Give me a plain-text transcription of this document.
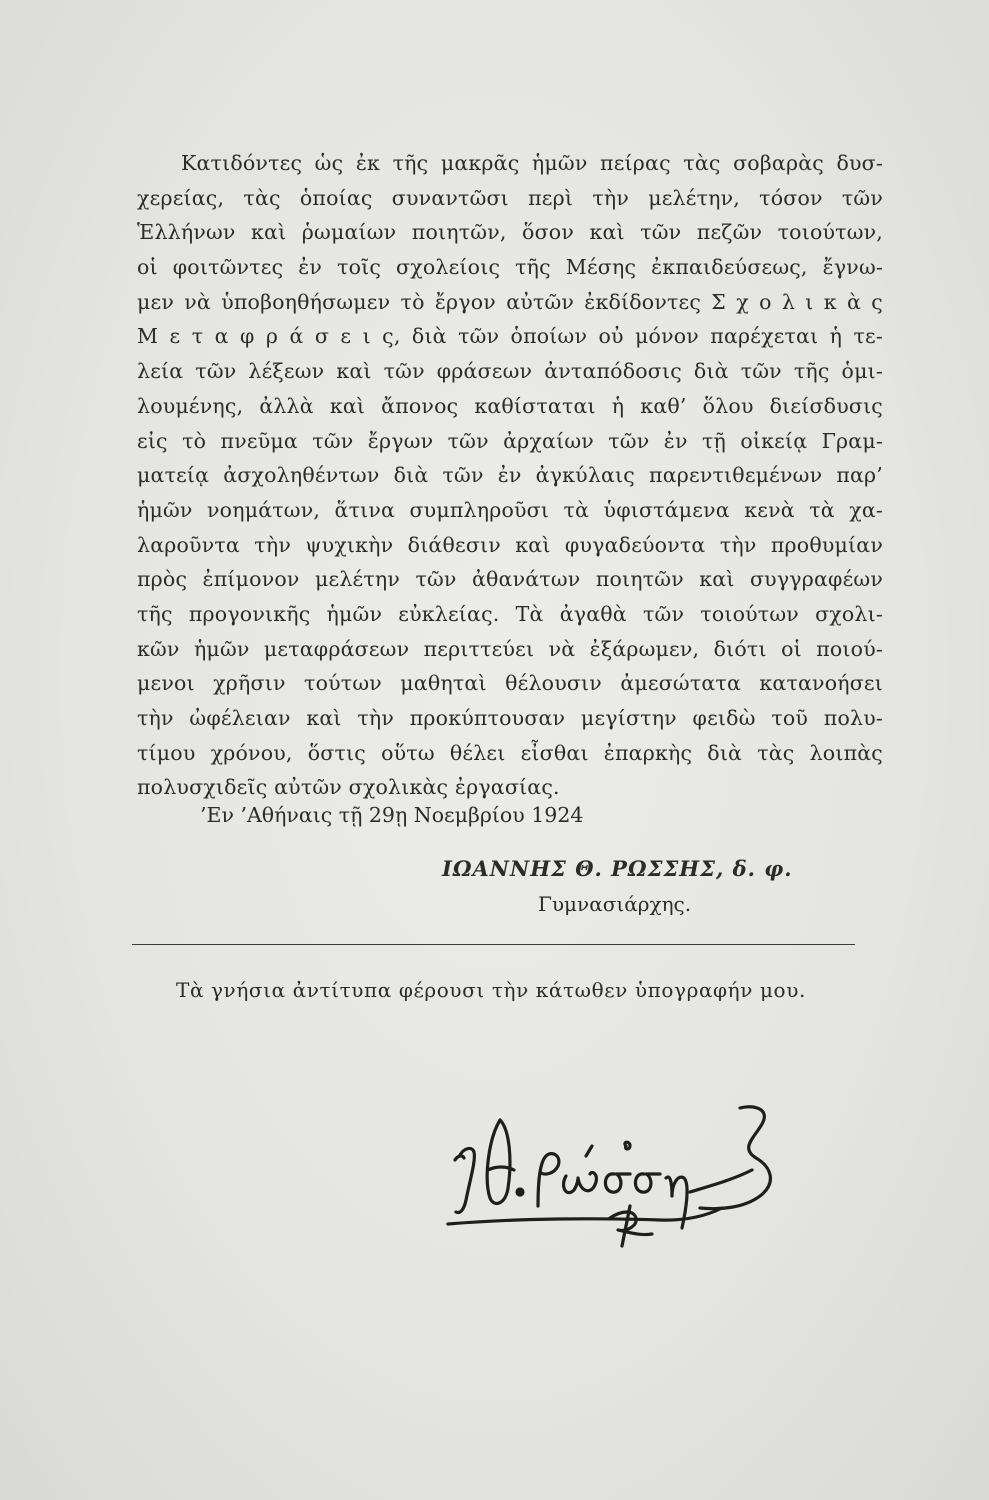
Κατιδόντες ὡς ἐκ τῆς μακρᾶς ἡμῶν πείρας τὰς σοβαρὰς δυσ-
χερείας, τὰς ὁποίας συναντῶσι περὶ τὴν μελέτην, τόσον τῶν
Ἑλλήνων καὶ ῥωμαίων ποιητῶν, ὅσον καὶ τῶν πεζῶν τοιούτων,
οἱ φοιτῶντες ἐν τοῖς σχολείοις τῆς Μέσης ἐκπαιδεύσεως, ἔγνω-
μεν νὰ ὑποβοηθήσωμεν τὸ ἔργον αὐτῶν ἐκδίδοντες Σ χ ο λ ι κ ὰ ς
Μ ε τ α φ ρ ά σ ε ι ς, διὰ τῶν ὁποίων οὐ μόνον παρέχεται ἡ τε-
λεία τῶν λέξεων καὶ τῶν φράσεων ἀνταπόδοσις διὰ τῶν τῆς ὁμι-
λουμένης, ἀλλὰ καὶ ἄπονος καθίσταται ἡ καθ’ ὅλου διείσδυσις
εἰς τὸ πνεῦμα τῶν ἔργων τῶν ἀρχαίων τῶν ἐν τῇ οἰκείᾳ Γραμ-
ματείᾳ ἀσχοληθέντων διὰ τῶν ἐν ἀγκύλαις παρεντιθεμένων παρ’
ἡμῶν νοημάτων, ἅτινα συμπληροῦσι τὰ ὑφιστάμενα κενὰ τὰ χα-
λαροῦντα τὴν ψυχικὴν διάθεσιν καὶ φυγαδεύοντα τὴν προθυμίαν
πρὸς ἐπίμονον μελέτην τῶν ἀθανάτων ποιητῶν καὶ συγγραφέων
τῆς προγονικῆς ἡμῶν εὐκλείας. Τὰ ἀγαθὰ τῶν τοιούτων σχολι-
κῶν ἡμῶν μεταφράσεων περιττεύει νὰ ἐξάρωμεν, διότι οἱ ποιού-
μενοι χρῆσιν τούτων μαθηταὶ θέλουσιν ἀμεσώτατα κατανοήσει
τὴν ὠφέλειαν καὶ τὴν προκύπτουσαν μεγίστην φειδὼ τοῦ πολυ-
τίμου χρόνου, ὅστις οὕτω θέλει εἶσθαι ἐπαρκὴς διὰ τὰς λοιπὰς
πολυσχιδεῖς αὐτῶν σχολικὰς ἐργασίας.
’Εν ’Αθήναις τῇ 29ῃ Νοεμβρίου 1924
ΙΩΑΝΝΗΣ Θ. ΡΩΣΣΗΣ, δ. φ.
Γυμνασιάρχης.
Τὰ γνήσια ἀντίτυπα φέρουσι τὴν κάτωθεν ὑπογραφήν μου.
